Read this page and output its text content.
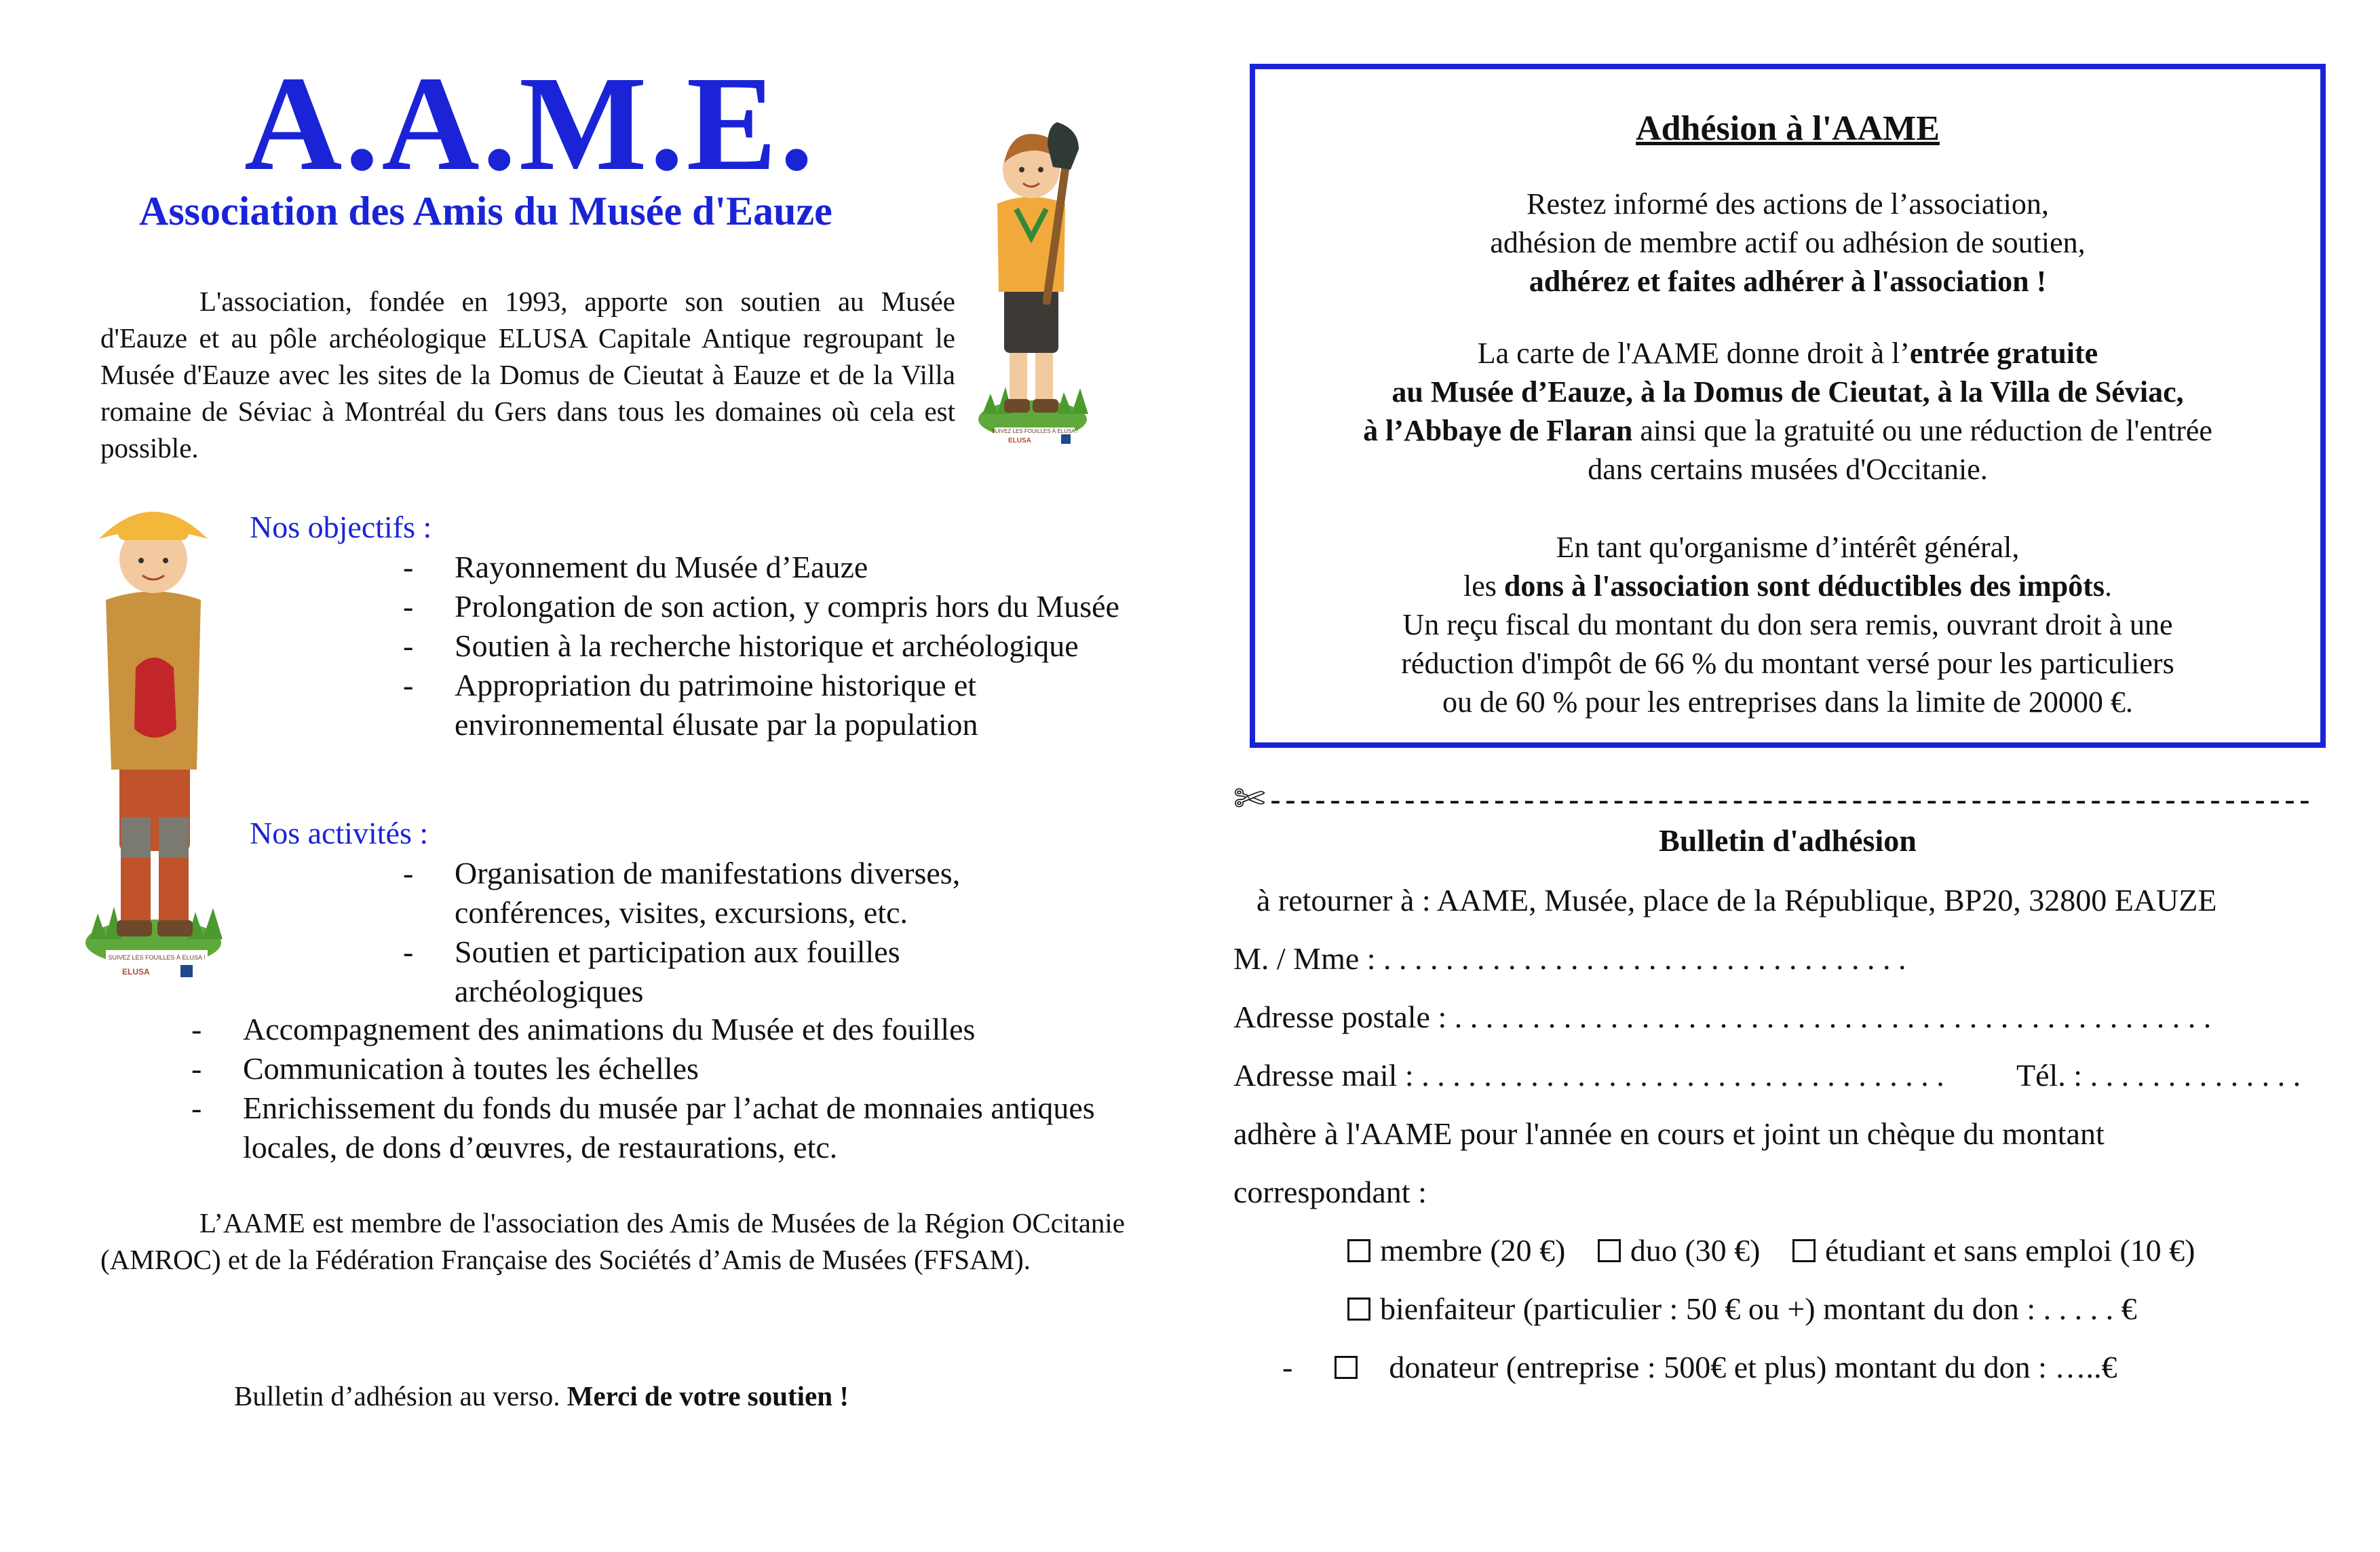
A.A.M.E.
Association des Amis du Musée d'Eauze

L'association, fondée en 1993, apporte son soutien au Musée d'Eauze et au pôle archéologique ELUSA Capitale Antique regroupant le Musée d'Eauze avec les sites de la Domus de Cieutat à Eauze et de la Villa romaine de Séviac à Montréal du Gers dans tous les domaines où cela est possible.

SUIVEZ LES FOUILLES À ELUSA !
ELUSA
SUIVEZ LES FOUILLES À ELUSA !
ELUSA
Nos objectifs :
- Rayonnement du Musée d’Eauze
- Prolongation de son action, y compris hors du Musée
- Soutien à la recherche historique et archéologique
- Appropriation du patrimoine historique et environnemental élusate par la population
Nos activités :
- Organisation de manifestations diverses, conférences, visites, excursions, etc.
- Soutien et participation aux fouilles archéologiques
- Accompagnement des animations du Musée et des fouilles
- Communication à toutes les échelles
- Enrichissement du fonds du musée par l’achat de monnaies antiques locales, de dons d’œuvres, de restaurations, etc.

L’AAME est membre de l'association des Amis de Musées de la Région OCcitanie (AMROC) et de la Fédération Française des Sociétés d’Amis de Musées (FFSAM).

Bulletin d’adhésion au verso. Merci de votre soutien !
Adhésion à l'AAME
Restez informé des actions de l’association,
adhésion de membre actif ou adhésion de soutien,
adhérez et faites adhérer à l'association !
La carte de l'AAME donne droit à l’entrée gratuite
au Musée d’Eauze, à la Domus de Cieutat, à la Villa de Séviac,
à l’Abbaye de Flaran ainsi que la gratuité ou une réduction de l'entrée
dans certains musées d'Occitanie.
En tant qu'organisme d’intérêt général,
les dons à l'association sont déductibles des impôts.
Un reçu fiscal du montant du don sera remis, ouvrant droit à une
réduction d'impôt de 66 % du montant versé pour les particuliers
ou de 60 % pour les entreprises dans la limite de 20000 €.
✄ ----------------------------------------------------------------------
Bulletin d'adhésion
à retourner à : AAME, Musée, place de la République, BP20, 32800 EAUZE
M. / Mme : . . . . . . . . . . . . . . . . . . . . . . . . . . . . . . . . . .
Adresse postale : . . . . . . . . . . . . . . . . . . . . . . . . . . . . . . . . . . . . . . . . . . . . . . . . .
Adresse mail : . . . . . . . . . . . . . . . . . . . . . . . . . . . . . . . . . . Tél. : . . . . . . . . . . . . . .
adhère à l'AAME pour l'année en cours et joint un chèque du montant
correspondant :
membre (20 €) duo (30 €) étudiant et sans emploi (10 €)
bienfaiteur (particulier : 50 € ou +) montant du don : . . . . . €
-	donateur (entreprise : 500€ et plus) montant du don : …..€
